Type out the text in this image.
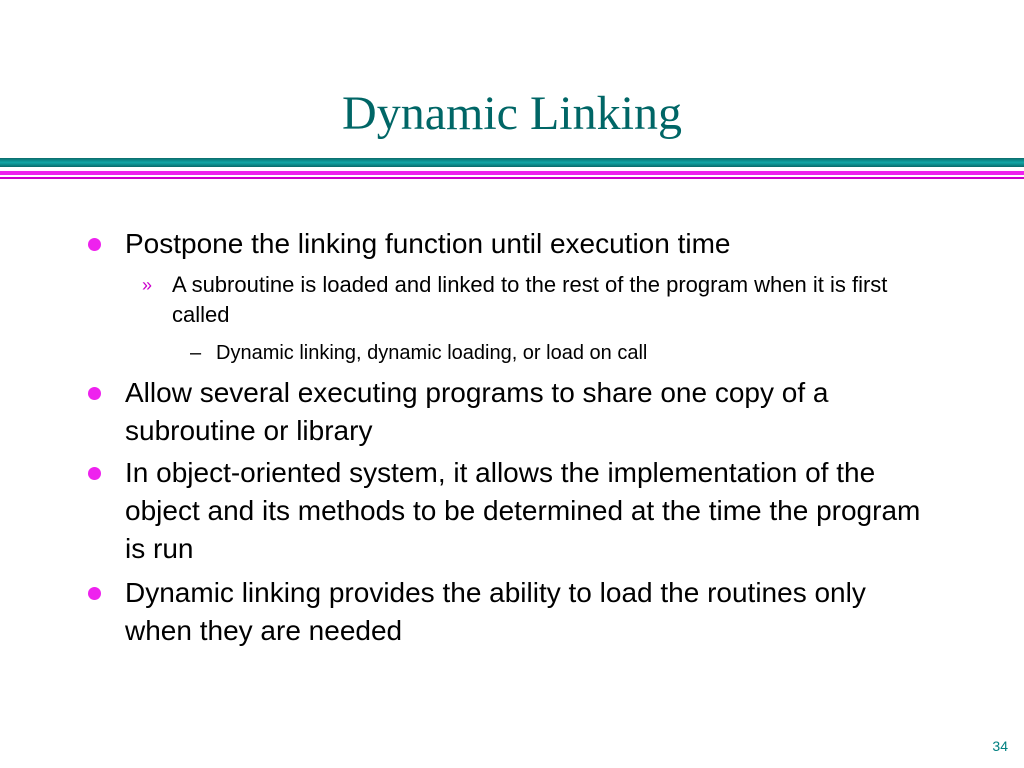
Dynamic Linking
Postpone the linking function until execution time
» A subroutine is loaded and linked to the rest of the program when it is first called
– Dynamic linking, dynamic loading, or load on call
Allow several executing programs to share one copy of a subroutine or library
In object-oriented system, it allows the implementation of the object and its methods to be determined at the time the program is run
Dynamic linking provides the ability to load the routines only when they are needed
34
